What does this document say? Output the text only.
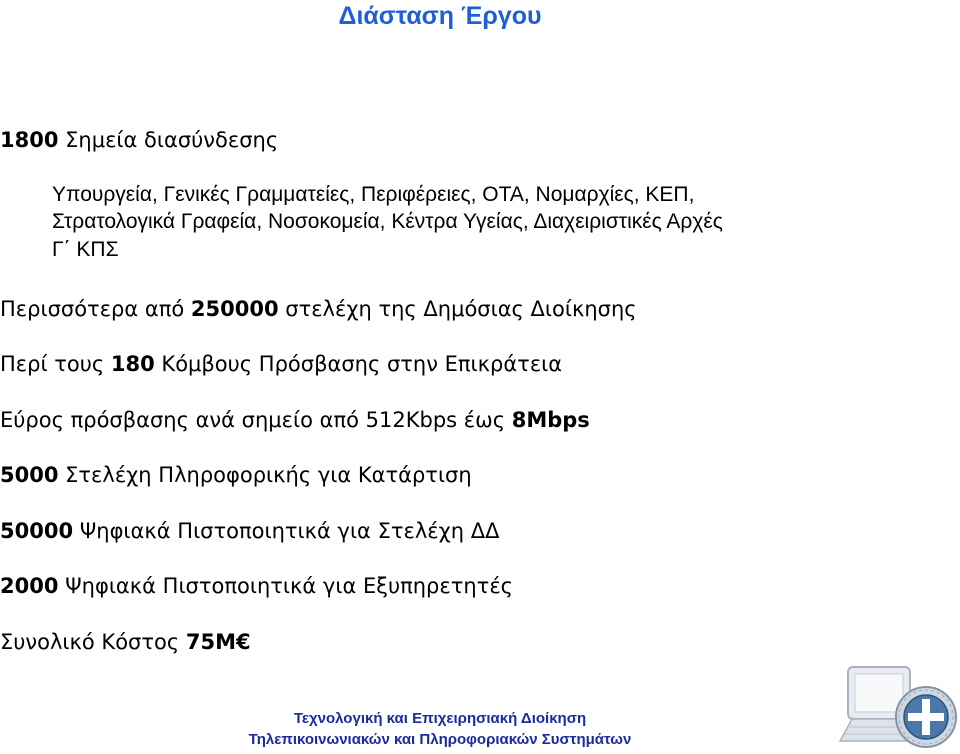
Διάσταση Έργου
1800 Σημεία διασύνδεσης
Υπουργεία, Γενικές Γραμματείες, Περιφέρειες, ΟΤΑ, Νομαρχίες, ΚΕΠ,
Στρατολογικά Γραφεία, Νοσοκομεία, Κέντρα Υγείας, Διαχειριστικές Αρχές
Γ΄ ΚΠΣ
Περισσότερα από 250000 στελέχη της Δημόσιας Διοίκησης
Περί τους 180 Κόμβους Πρόσβασης στην Επικράτεια
Εύρος πρόσβασης ανά σημείο από 512Kbps έως 8Mbps
5000 Στελέχη Πληροφορικής για Κατάρτιση
50000 Ψηφιακά Πιστοποιητικά για Στελέχη ΔΔ
2000 Ψηφιακά Πιστοποιητικά για Εξυπηρετητές
Συνολικό Κόστος 75M€
Τεχνολογική και Επιχειρησιακή Διοίκηση
Τηλεπικοινωνιακών και Πληροφοριακών Συστημάτων
